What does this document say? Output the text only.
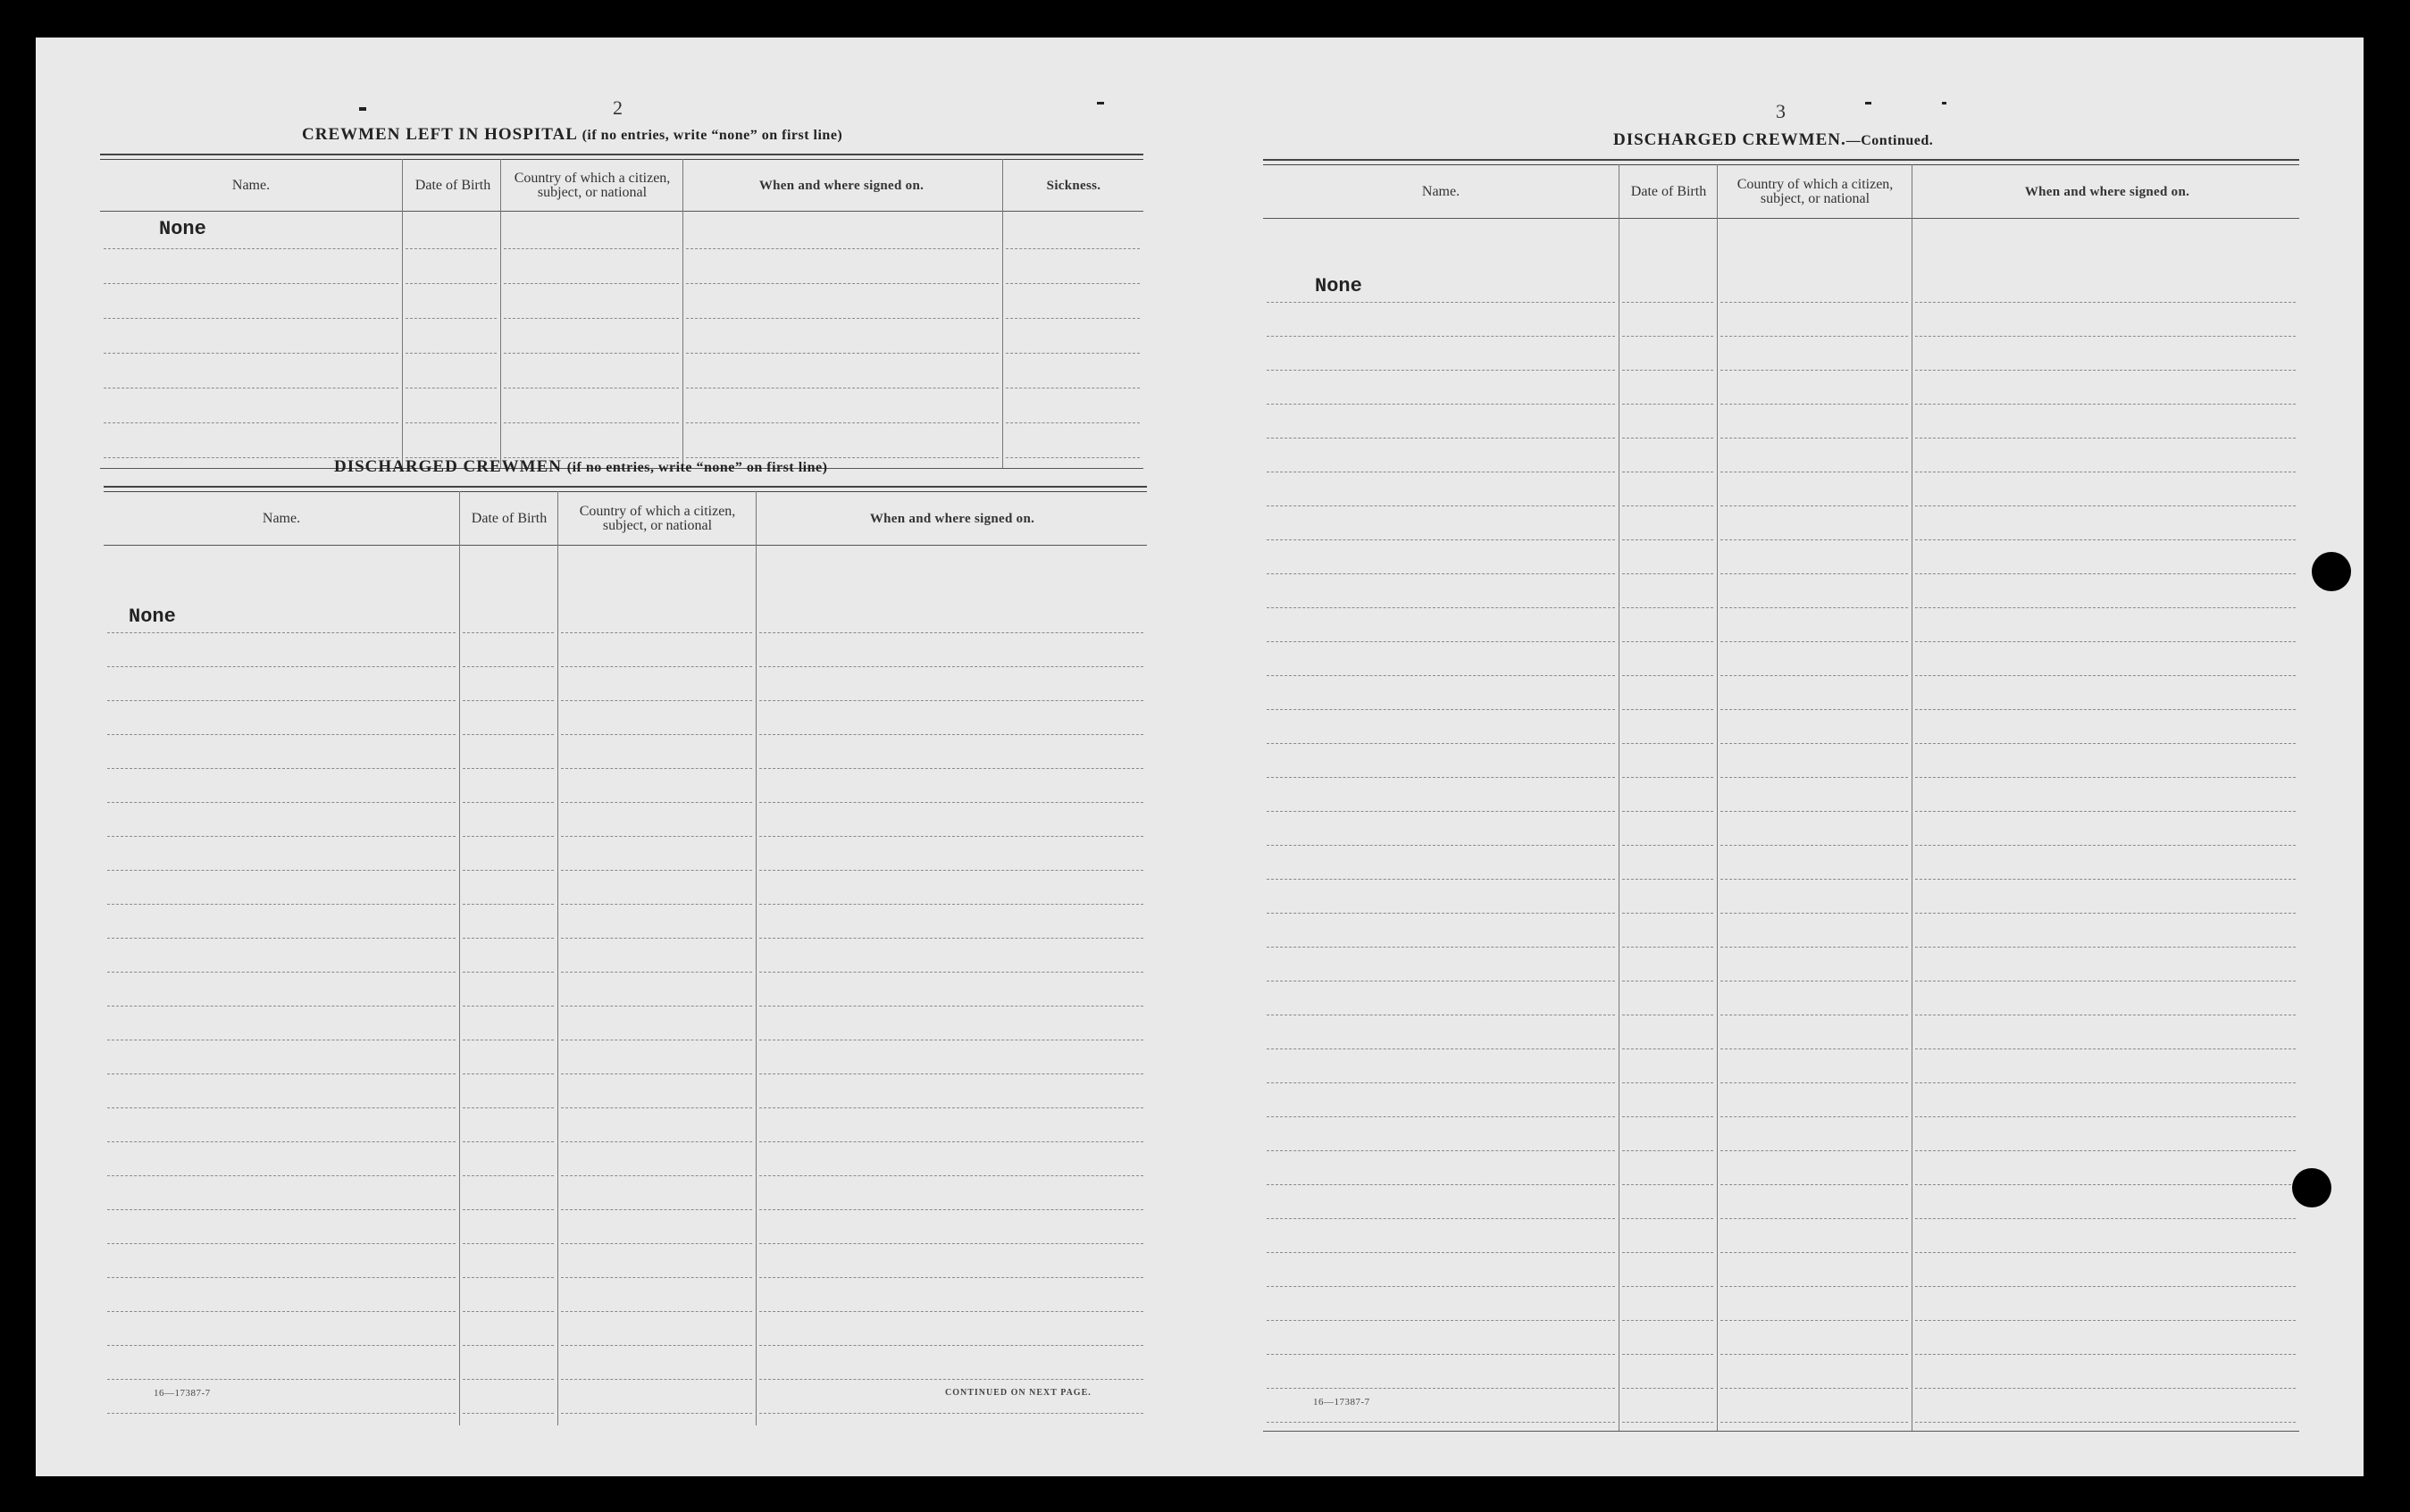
2
CREWMEN LEFT IN HOSPITAL (if no entries, write “none” on first line)
Name.	Date of Birth	Country of which a citizen, subject, or national	When and where signed on.	Sickness.
None
DISCHARGED CREWMEN (if no entries, write “none” on first line)
Name.	Date of Birth	Country of which a citizen, subject, or national	When and where signed on.
None
16—17387-7	CONTINUED ON NEXT PAGE.
3
DISCHARGED CREWMEN.—Continued.
Name.	Date of Birth	Country of which a citizen, subject, or national	When and where signed on.
None
16—17387-7
